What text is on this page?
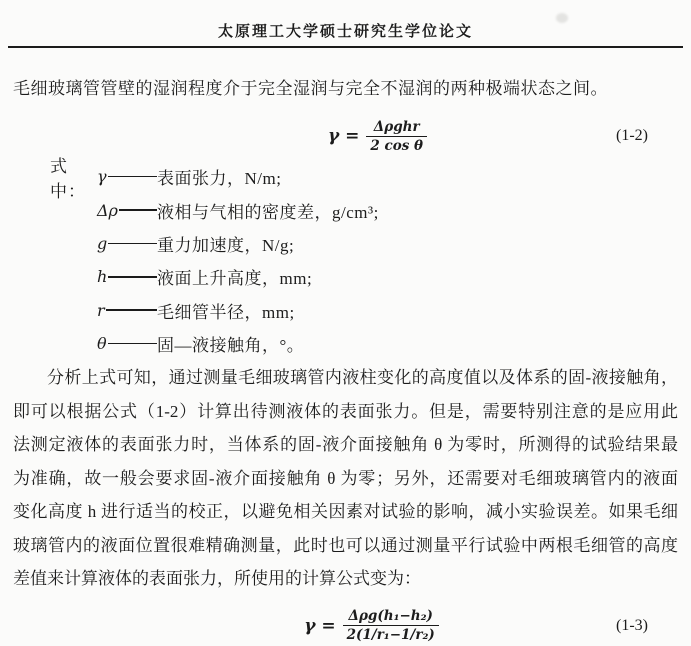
太原理工大学硕士研究生学位论文
毛细玻璃管管壁的湿润程度介于完全湿润与完全不湿润的两种极端状态之间。
$\gamma = \frac{\text{Δρghr}}{\text{2 cos θ}}$	(1-2)
式中：
γ	表面张力，N/m;
Δρ 液相与气相的密度差，g/cm³;
g	重力加速度，N/g;
h	液面上升高度，mm;
r	毛细管半径，mm;
θ	固—液接触角，°。
分析上式可知，通过测量毛细玻璃管内液柱变化的高度值以及体系的固-液接触角，
即可以根据公式（1-2）计算出待测液体的表面张力。但是，需要特别注意的是应用此
法测定液体的表面张力时，当体系的固-液介面接触角 θ 为零时，所测得的试验结果最
为准确，故一般会要求固-液介面接触角 θ 为零；另外，还需要对毛细玻璃管内的液面
变化高度 h 进行适当的校正，以避免相关因素对试验的影响，减小实验误差。如果毛细
玻璃管内的液面位置很难精确测量，此时也可以通过测量平行试验中两根毛细管的高度
差值来计算液体的表面张力，所使用的计算公式变为：
$\gamma = \frac{\text{Δρg(h₁−h₂)}}{\text{2(1/r₁−1/r₂)}}$	(1-3)
